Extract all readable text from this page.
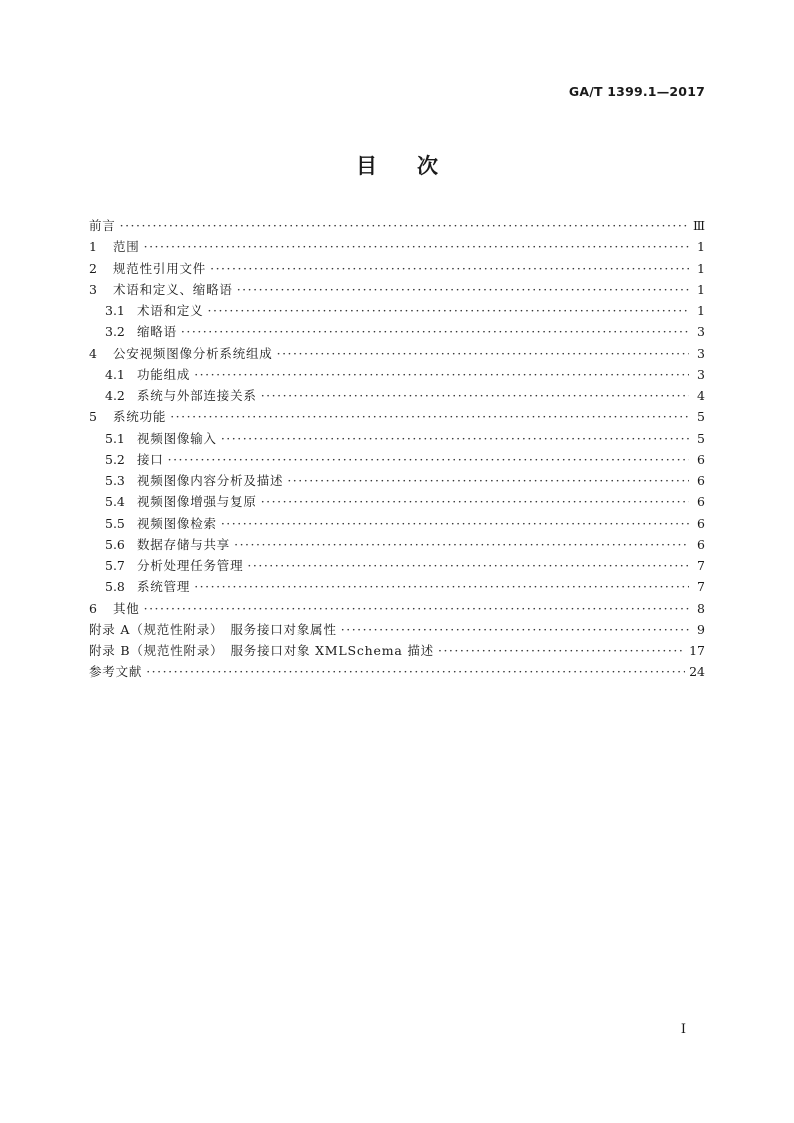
GA/T 1399.1—2017
目 次
前言 ·····	Ⅲ
1	范围 ·····	1
2	规范性引用文件 ·····	1
3	术语和定义、缩略语 ·····	1
3.1 术语和定义 ·····	1
3.2 缩略语 ·····	3
4	公安视频图像分析系统组成 ·····	3
4.1 功能组成 ·····	3
4.2 系统与外部连接关系 ·····	4
5	系统功能 ·····	5
5.1 视频图像输入 ·····	5
5.2 接口 ·····	6
5.3 视频图像内容分析及描述 ·····	6
5.4 视频图像增强与复原 ·····	6
5.5 视频图像检索 ·····	6
5.6 数据存储与共享 ·····	6
5.7 分析处理任务管理 ·····	7
5.8 系统管理 ·····	7
6	其他 ·····	8
附录 A（规范性附录）　服务接口对象属性 ·····	9
附录 B（规范性附录）　服务接口对象 XMLSchema 描述 ·····	17
参考文献 ·····	24
Ⅰ
